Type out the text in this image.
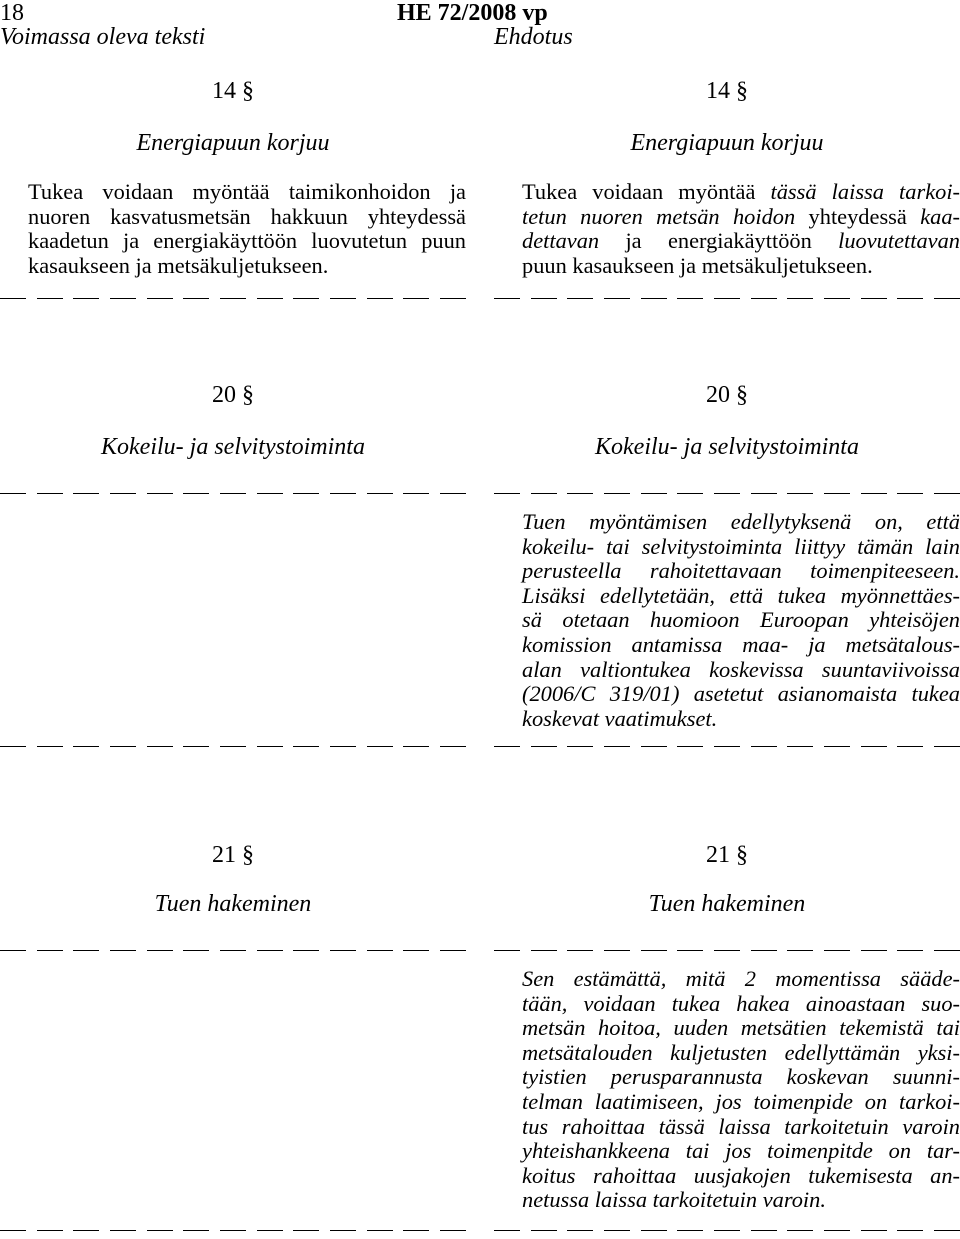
18	HE 72/2008 vp
Voimassa oleva teksti	Ehdotus
14 §
Energiapuun korjuu
Tukea voidaan myöntää taimikonhoidon ja
nuoren kasvatusmetsän hakkuun yhteydessä
kaadetun ja energiakäyttöön luovutetun puun
kasaukseen ja metsäkuljetukseen.
14 §
Energiapuun korjuu
Tukea voidaan myöntää tässä laissa tarkoi-
tetun nuoren metsän hoidon yhteydessä kaa-
dettavan ja energiakäyttöön luovutettavan
puun kasaukseen ja metsäkuljetukseen.
20 §
Kokeilu- ja selvitystoiminta
20 §
Kokeilu- ja selvitystoiminta
Tuen myöntämisen edellytyksenä on, että
kokeilu- tai selvitystoiminta liittyy tämän lain
perusteella rahoitettavaan toimenpiteeseen.
Lisäksi edellytetään, että tukea myönnettäes-
sä otetaan huomioon Euroopan yhteisöjen
komission antamissa maa- ja metsätalous-
alan valtiontukea koskevissa suuntaviivoissa
(2006/C 319/01) asetetut asianomaista tukea
koskevat vaatimukset.
21 §
Tuen hakeminen
21 §
Tuen hakeminen
Sen estämättä, mitä 2 momentissa sääde-
tään, voidaan tukea hakea ainoastaan suo-
metsän hoitoa, uuden metsätien tekemistä tai
metsätalouden kuljetusten edellyttämän yksi-
tyistien perusparannusta koskevan suunni-
telman laatimiseen, jos toimenpide on tarkoi-
tus rahoittaa tässä laissa tarkoitetuin varoin
yhteishankkeena tai jos toimenpitde on tar-
koitus rahoittaa uusjakojen tukemisesta an-
netussa laissa tarkoitetuin varoin.
